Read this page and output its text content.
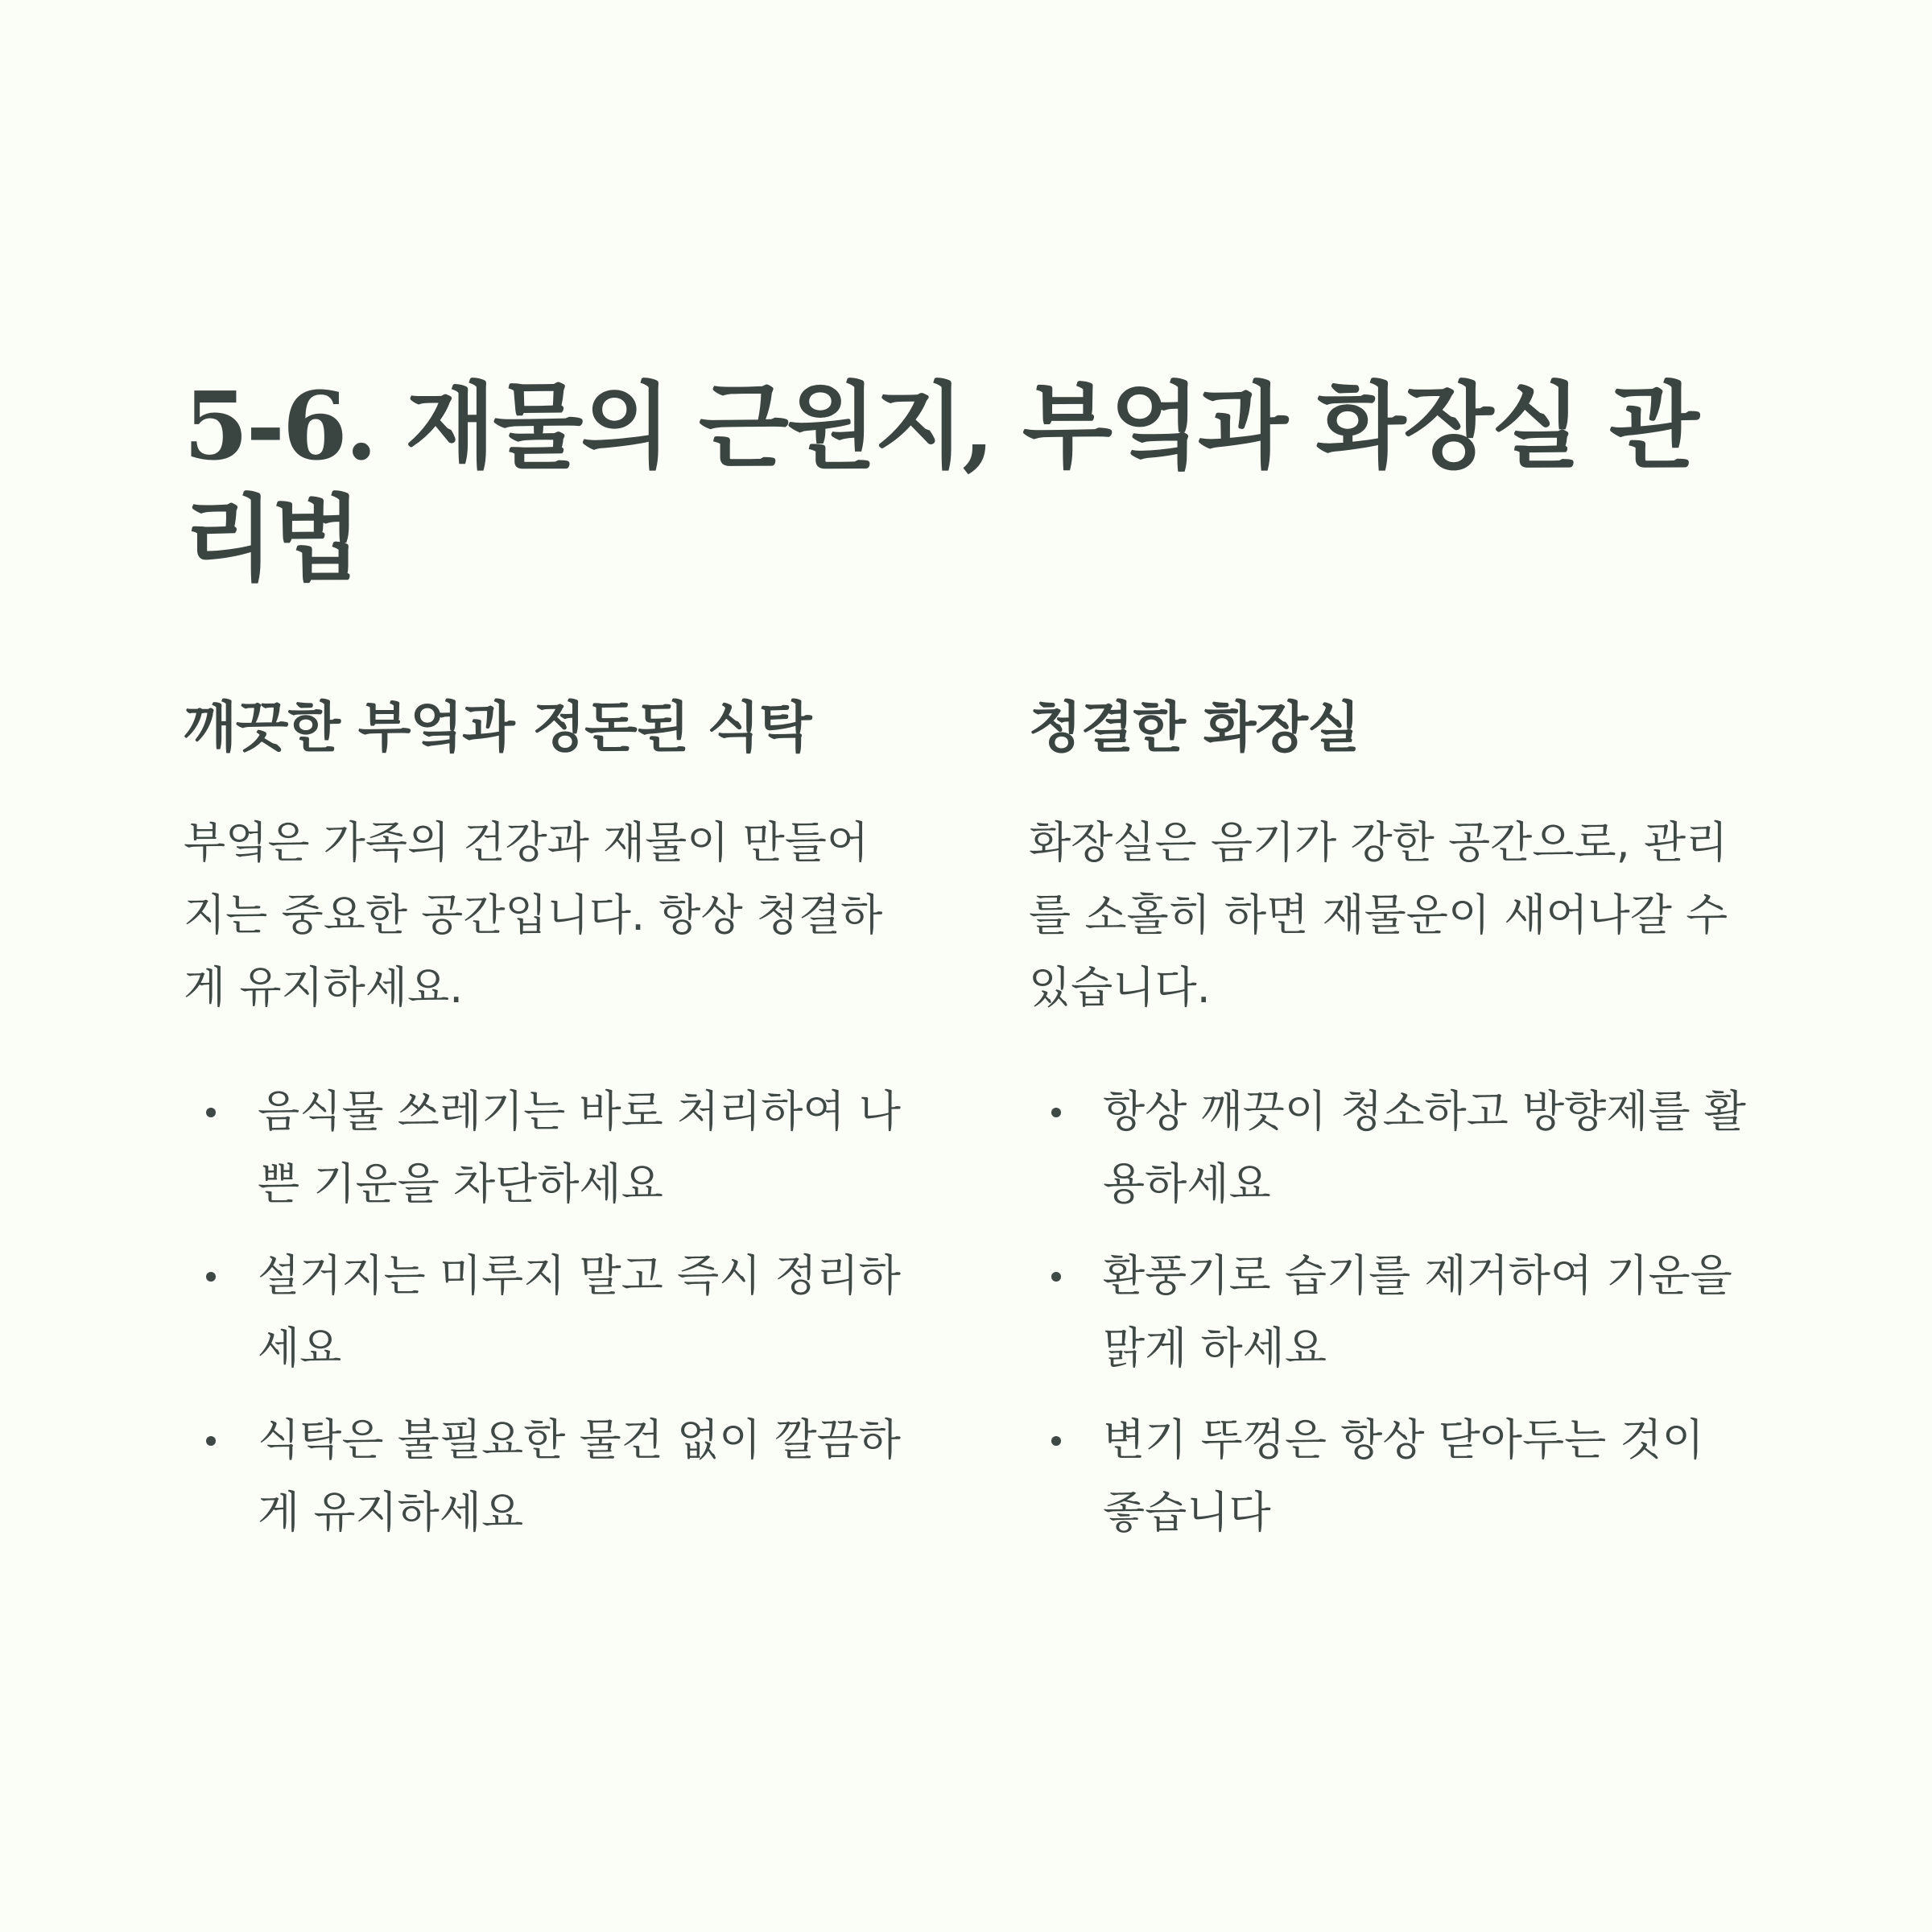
5-6. 재물의 근원지, 부엌과 화장실 관리법
깨끗한 부엌과 정돈된 식탁

부엌은 가족의 건강과 재물이 만들어지는 중요한 공간입니다. 항상 청결하게 유지하세요.

음식물 쓰레기는 바로 처리하여 나쁜 기운을 차단하세요
설거지는 미루지 말고 즉시 정리하세요
식탁은 불필요한 물건 없이 깔끔하게 유지하세요
청결한 화장실

화장실은 음기가 강한 공간으로, 관리를 소홀히 하면 재물운이 새어나갈 수 있습니다.

항상 깨끗이 청소하고 방향제를 활용하세요
환풍기로 습기를 제거하여 기운을 맑게 하세요
변기 뚜껑은 항상 닫아두는 것이 좋습니다
